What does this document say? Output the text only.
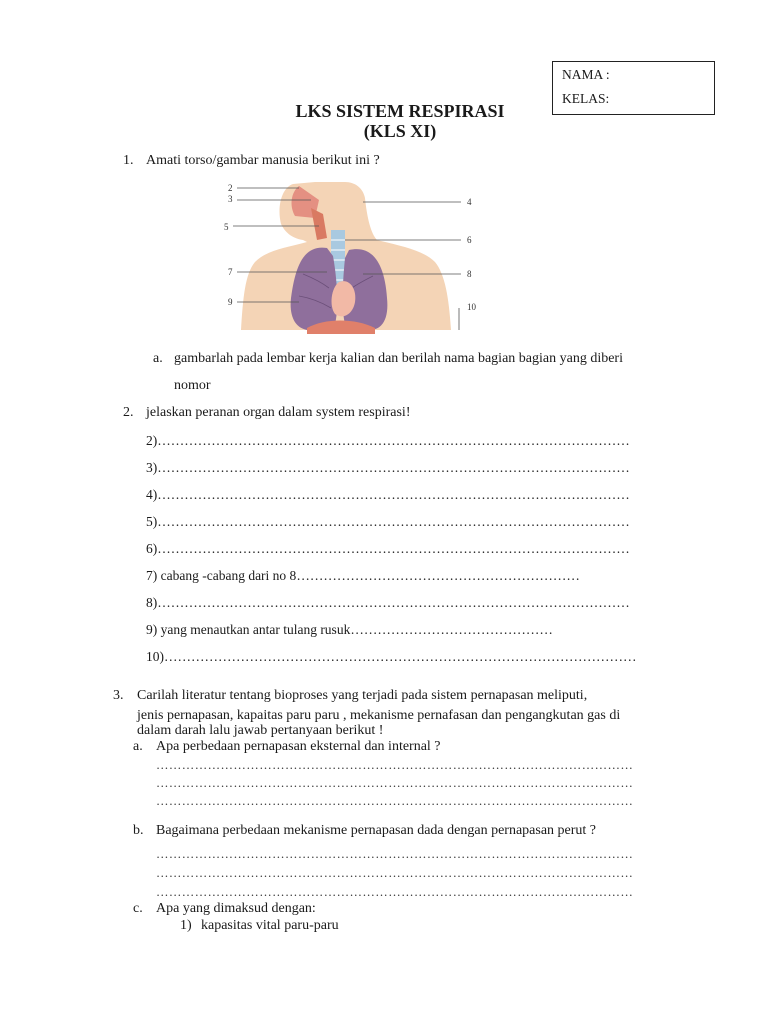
NAMA :
KELAS:
LKS SISTEM RESPIRASI
(KLS XI)
1. Amati torso/gambar manusia berikut ini ?
2
3	4
5
6
7	8
9	10
a. gambarlah pada lembar kerja kalian dan berilah nama bagian bagian yang diberi
nomor
2. jelaskan peranan organ dalam system respirasi!
2)……………………………………………………………………………………………
3)……………………………………………………………………………………………
4)……………………………………………………………………………………………
5)……………………………………………………………………………………………
6)……………………………………………………………………………………………
7) cabang -cabang dari no 8………………………………………………………
8)……………………………………………………………………………………………
9) yang menautkan antar tulang rusuk………………………………………
10)……………………………………………………………………………………………
3. Carilah literatur tentang bioproses yang terjadi pada sistem pernapasan meliputi,
jenis pernapasan, kapaitas paru paru , mekanisme pernafasan dan pengangkutan gas di
dalam darah lalu jawab pertanyaan berikut !
a. Apa perbedaan pernapasan eksternal dan internal ?
…………………………………………………………………………………………………
…………………………………………………………………………………………………
…………………………………………………………………………………………………
b. Bagaimana perbedaan mekanisme pernapasan dada dengan pernapasan perut ?
…………………………………………………………………………………………………
…………………………………………………………………………………………………
…………………………………………………………………………………………………
c. Apa yang dimaksud dengan:
1) kapasitas vital paru-paru
